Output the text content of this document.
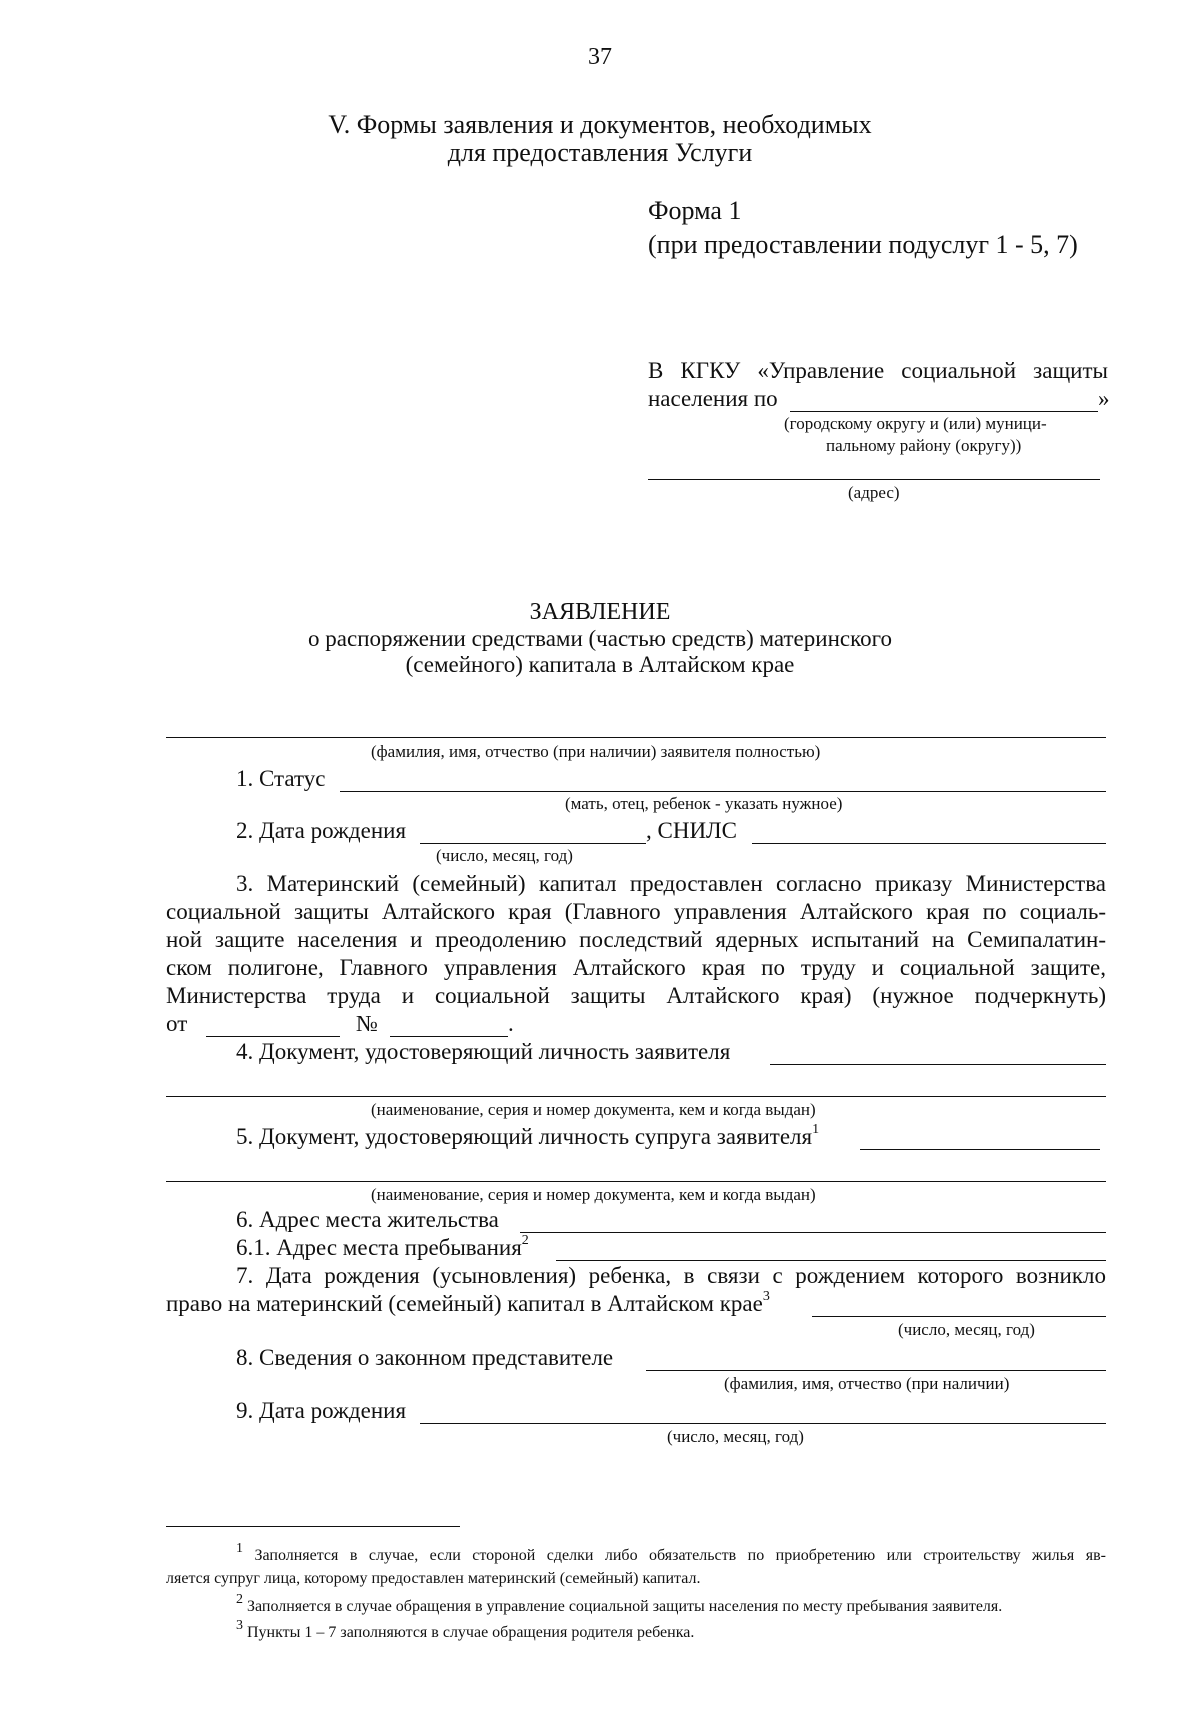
37
V. Формы заявления и документов, необходимых
для предоставления Услуги
Форма 1
(при предоставлении подуслуг 1 - 5, 7)
В КГКУ «Управление социальной защиты
населения по	»
(городскому округу и (или) муници-
пальному району (округу))
(адрес)
ЗАЯВЛЕНИЕ
о распоряжении средствами (частью средств) материнского
(семейного) капитала в Алтайском крае
(фамилия, имя, отчество (при наличии) заявителя полностью)
1. Статус
(мать, отец, ребенок - указать нужное)
2. Дата рождения	, СНИЛС
(число, месяц, год)
3. Материнский (семейный) капитал предоставлен согласно приказу Министерства
социальной защиты Алтайского края (Главного управления Алтайского края по социаль-
ной защите населения и преодолению последствий ядерных испытаний на Семипалатин-
ском полигоне, Главного управления Алтайского края по труду и социальной защите,
Министерства труда и социальной защиты Алтайского края) (нужное подчеркнуть)
от	№	.
4. Документ, удостоверяющий личность заявителя
(наименование, серия и номер документа, кем и когда выдан)
5. Документ, удостоверяющий личность супруга заявителя$^1$
(наименование, серия и номер документа, кем и когда выдан)
6. Адрес места жительства
6.1. Адрес места пребывания$^2$
7. Дата рождения (усыновления) ребенка, в связи с рождением которого возникло
право на материнский (семейный) капитал в Алтайском крае$^3$
(число, месяц, год)
8. Сведения о законном представителе
(фамилия, имя, отчество (при наличии)
9. Дата рождения
(число, месяц, год)
$^1$ Заполняется в случае, если стороной сделки либо обязательств по приобретению или строительству жилья яв-
ляется супруг лица, которому предоставлен материнский (семейный) капитал.
$^2$ Заполняется в случае обращения в управление социальной защиты населения по месту пребывания заявителя.
$^3$ Пункты 1 – 7 заполняются в случае обращения родителя ребенка.
